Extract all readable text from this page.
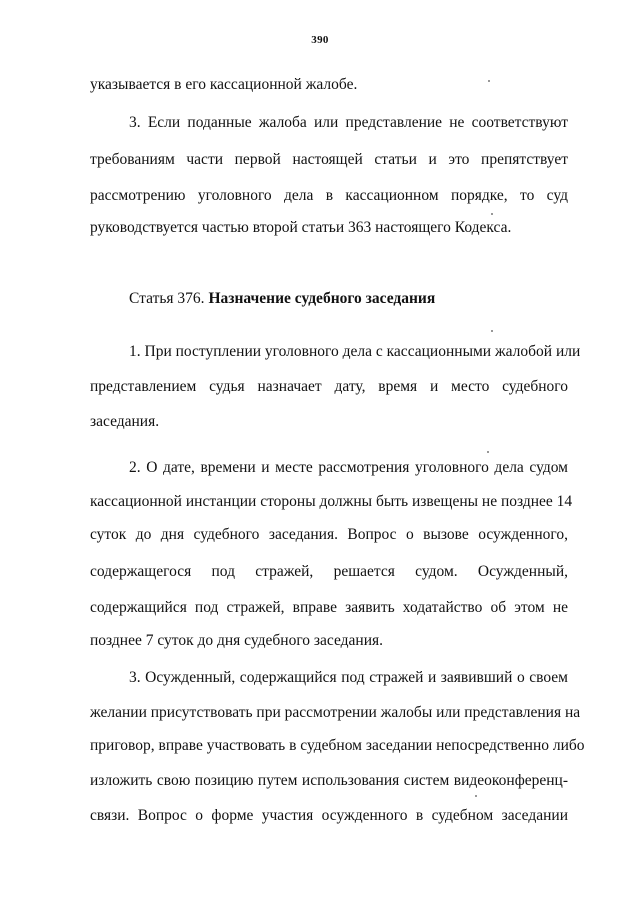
390
указывается в его кассационной жалобе.
3. Если поданные жалоба или представление не соответствуют
требованиям части первой настоящей статьи и это препятствует
рассмотрению уголовного дела в кассационном порядке, то суд
руководствуется частью второй статьи 363 настоящего Кодекса.
Статья 376. Назначение судебного заседания
1. При поступлении уголовного дела с кассационными жалобой или
представлением судья назначает дату, время и место судебного
заседания.
2. О дате, времени и месте рассмотрения уголовного дела судом
кассационной инстанции стороны должны быть извещены не позднее 14
суток до дня судебного заседания. Вопрос о вызове осужденного,
содержащегося под стражей, решается судом. Осужденный,
содержащийся под стражей, вправе заявить ходатайство об этом не
позднее 7 суток до дня судебного заседания.
3. Осужденный, содержащийся под стражей и заявивший о своем
желании присутствовать при рассмотрении жалобы или представления на
приговор, вправе участвовать в судебном заседании непосредственно либо
изложить свою позицию путем использования систем видеоконференц-
связи. Вопрос о форме участия осужденного в судебном заседании
